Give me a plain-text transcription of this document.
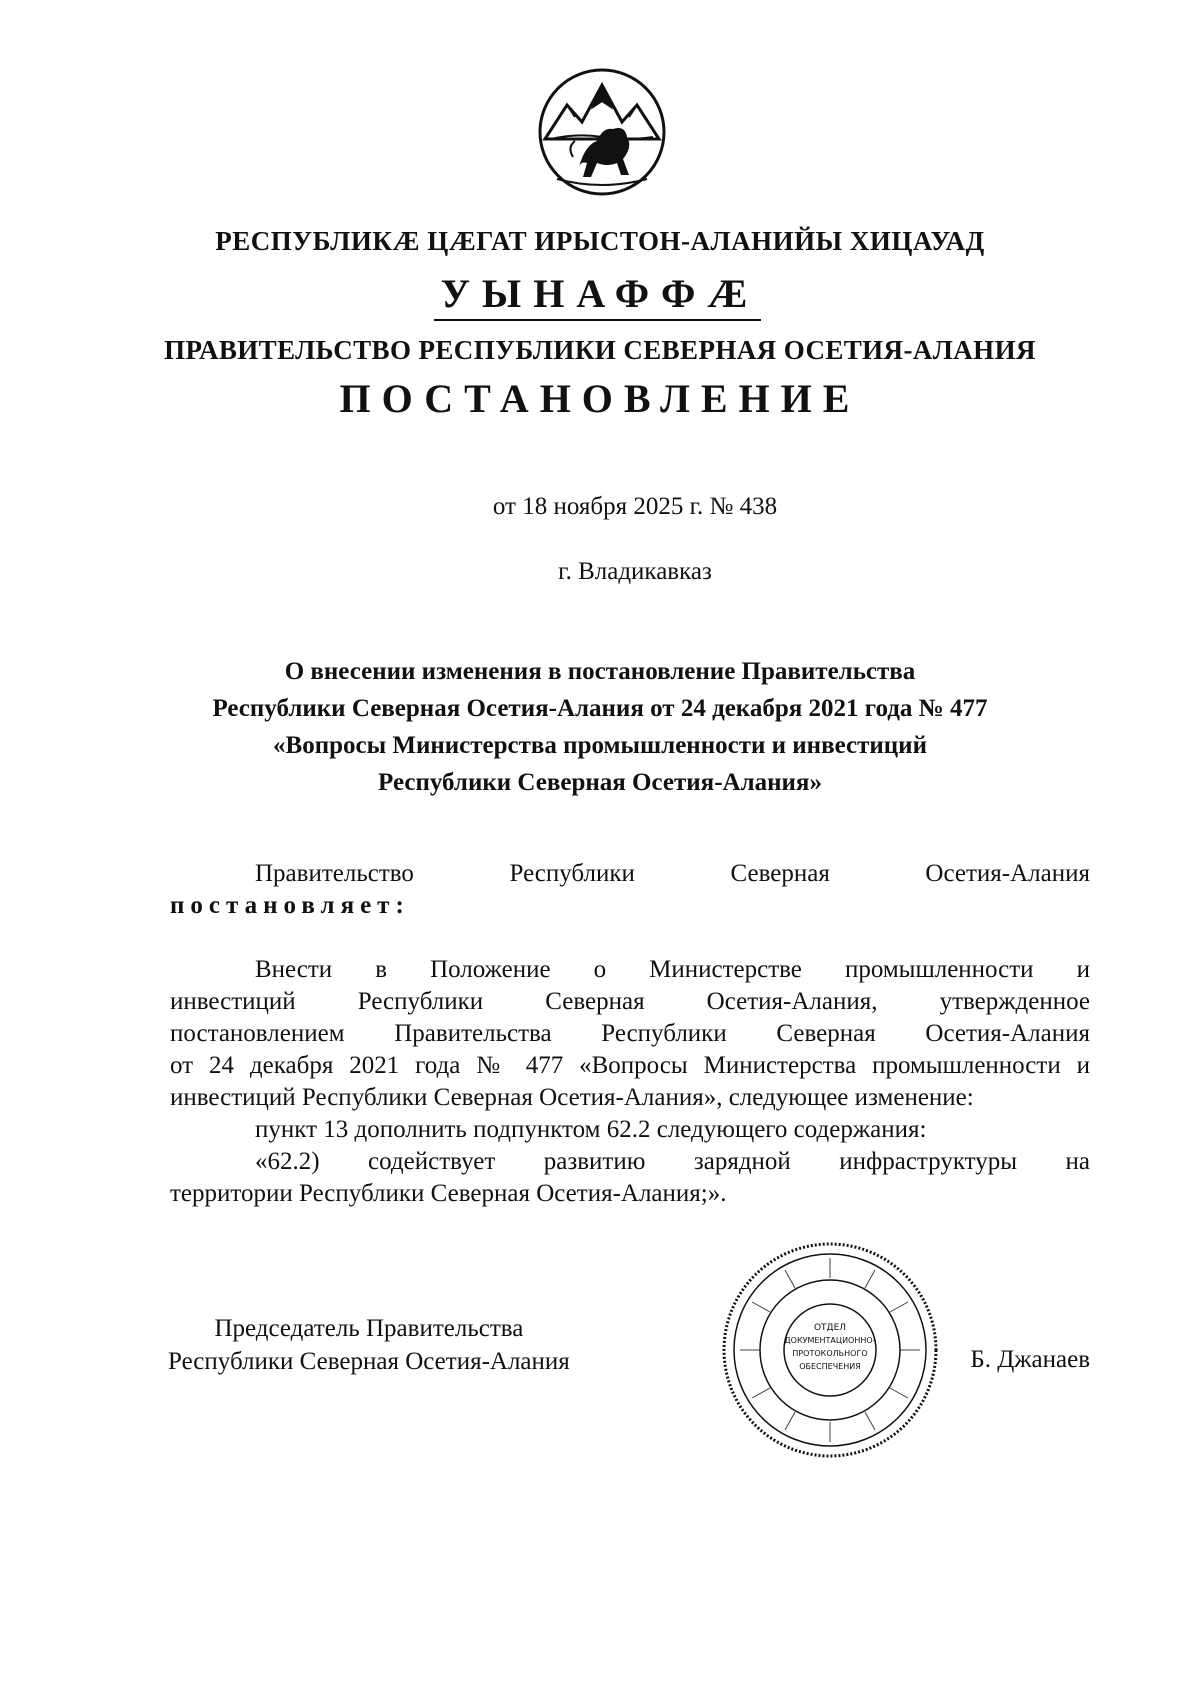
РЕСПУБЛИКÆ ЦÆГАТ ИРЫСТОН-АЛАНИЙЫ ХИЦАУАД
УЫНАФФÆ
ПРАВИТЕЛЬСТВО РЕСПУБЛИКИ СЕВЕРНАЯ ОСЕТИЯ-АЛАНИЯ
ПОСТАНОВЛЕНИЕ
от 18 ноября 2025 г. № 438
г. Владикавказ
О внесении изменения в постановление Правительства
Республики Северная Осетия-Алания от 24 декабря 2021 года № 477
«Вопросы Министерства промышленности и инвестиций
Республики Северная Осетия-Алания»
Правительство Республики Северная Осетия-Алания
постановляет:
Внести в Положение о Министерстве промышленности и
инвестиций Республики Северная Осетия-Алания, утвержденное
постановлением Правительства Республики Северная Осетия-Алания
от 24 декабря 2021 года № 477 «Вопросы Министерства промышленности и
инвестиций Республики Северная Осетия-Алания», следующее изменение:
пункт 13 дополнить подпунктом 62.2 следующего содержания:
«62.2) содействует развитию зарядной инфраструктуры на
территории Республики Северная Осетия-Алания;».
Председатель Правительства
Республики Северная Осетия-Алания	Б. Джанаев
ОТДЕЛ
ДОКУМЕНТАЦИОННО-
ПРОТОКОЛЬНОГО
ОБЕСПЕЧЕНИЯ
